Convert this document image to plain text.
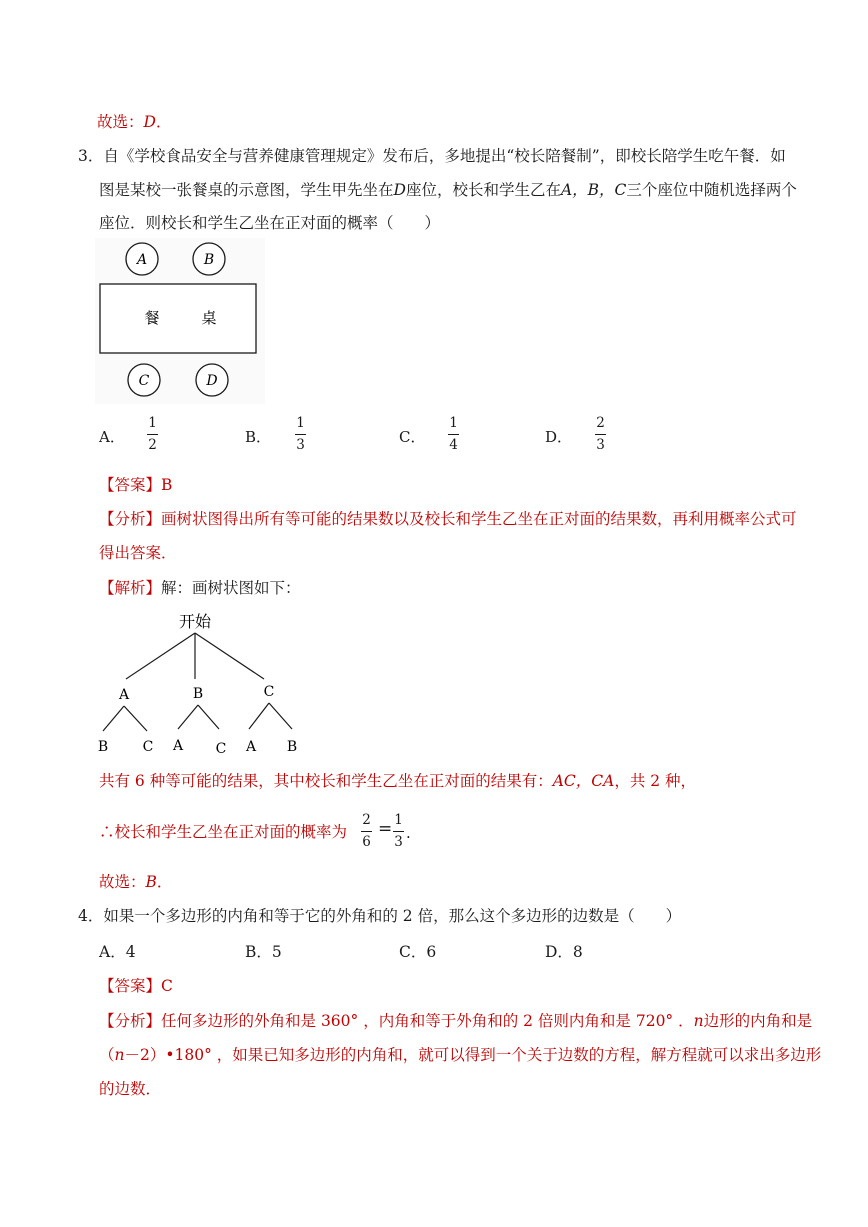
故选：D．
3．自《学校食品安全与营养健康管理规定》发布后，多地提出“校长陪餐制”，即校长陪学生吃午餐．如
图是某校一张餐桌的示意图，学生甲先坐在D座位，校长和学生乙在A，B，C三个座位中随机选择两个
座位．则校长和学生乙坐在正对面的概率（　　）
A	B
餐	桌
C	D
A．
1
2	B．
1
3	C．
1
4	D．
2
3
【答案】B
【分析】画树状图得出所有等可能的结果数以及校长和学生乙坐在正对面的结果数，再利用概率公式可
得出答案．
【解析】解：画树状图如下：
开始
A	B	C
B C A C A B
共有 6 种等可能的结果，其中校长和学生乙坐在正对面的结果有：AC，CA，共 2 种，
∴校长和学生乙坐在正对面的概率为
2
6
= 1
3 .
故选：B．
4．如果一个多边形的内角和等于它的外角和的 2 倍，那么这个多边形的边数是（　　）
A．4	B．5	C．6	D．8
【答案】C
【分析】任何多边形的外角和是 360° ，内角和等于外角和的 2 倍则内角和是 720° ．n边形的内角和是
（n－2）•180° ，如果已知多边形的内角和，就可以得到一个关于边数的方程，解方程就可以求出多边形
的边数．
